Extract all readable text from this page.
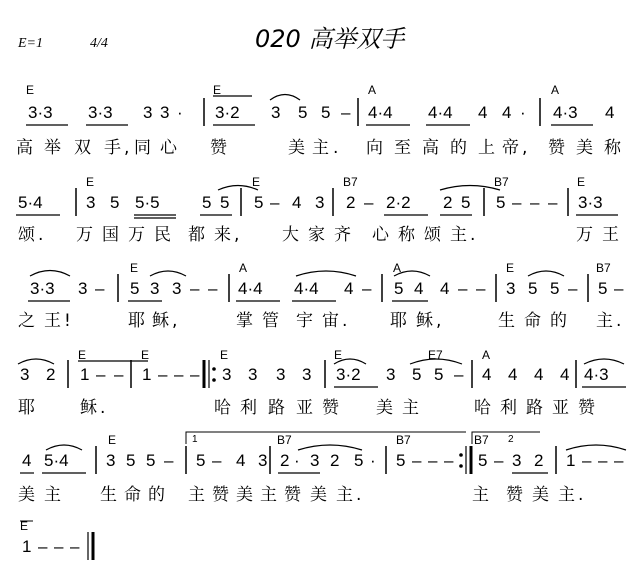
E=1	4/4	020 高举双手
E	E	A	A
3·3 3·3 3 3 · 3·2 3 5 5 – 4·4 4·4 4 4 · 4·3 4
高 举 双 手 , 同 心 赞	美 主 . 向 至 高 的 上 帝 , 赞 美 称
E	E	B7	B7	E
5·4	3 5 5·5 5 5 5 – 4 3 2 – 2·2 2 5 5 – – – 3·3
颂 . 万 国 万 民 都 来 ,	大 家 齐 心 称 颂 主 .	万 王
E	A	A	E	B7
3·3 3 – 5 3 3 – – 4·4 4·4 4 – 5 4 4 – – 3 5 5 – 5 –
之 王 !	耶 稣 ,	掌 管 宇 宙 .	耶 稣 ,	生 命 的 主 .
E	E	E	E	E7	A
3 2 1 – – 1 – – – 3 3 3 3 3·2 3 5 5 – 4 4 4 4 4·3
耶	稣 .	哈 利 路 亚 赞 美 主	哈 利 路 亚 赞
E	B7	B7	B7
1	2
4 5·4 3 5 5 – 5 – 4 3 2 · 3 2 5 · 5 – – – 5 – 3 2 1 – – –
美 主 生 命 的 主 赞 美 主 赞 美 主 .	主 赞 美 主 .
E
1 – – –
